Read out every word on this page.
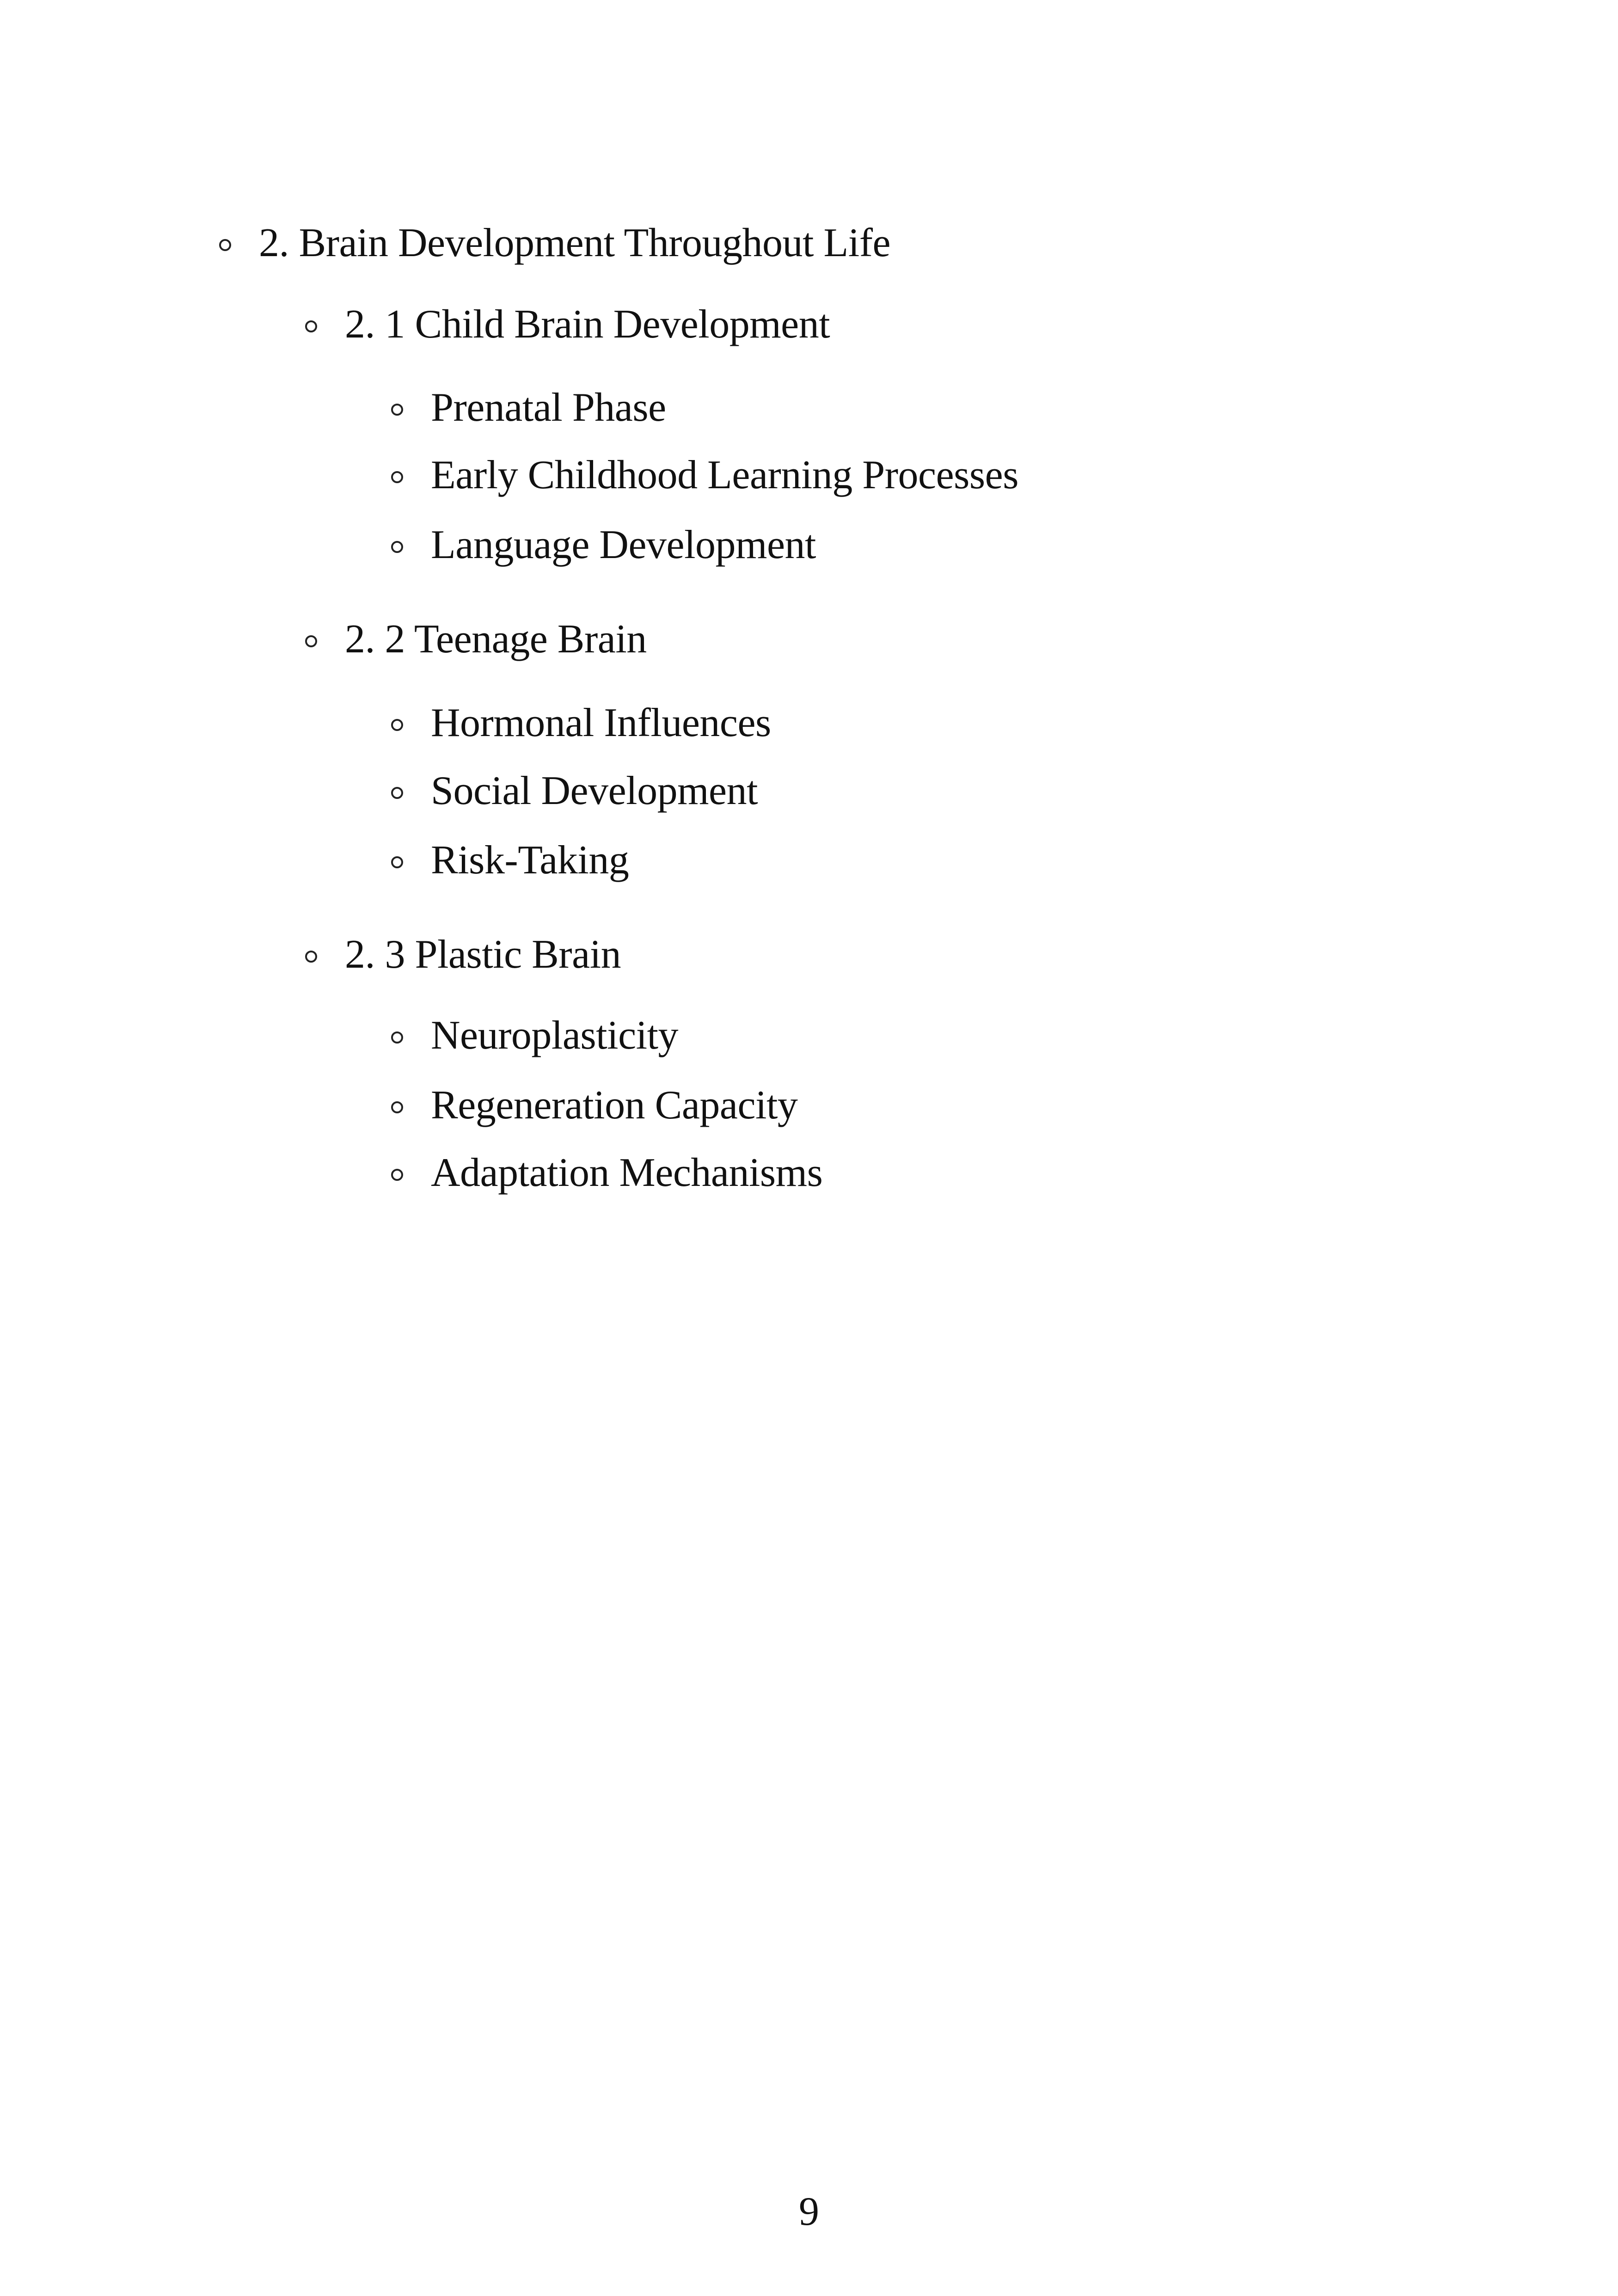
2. Brain Development Throughout Life
2. 1 Child Brain Development
Prenatal Phase
Early Childhood Learning Processes
Language Development
2. 2 Teenage Brain
Hormonal Influences
Social Development
Risk-Taking
2. 3 Plastic Brain
Neuroplasticity
Regeneration Capacity
Adaptation Mechanisms
9
